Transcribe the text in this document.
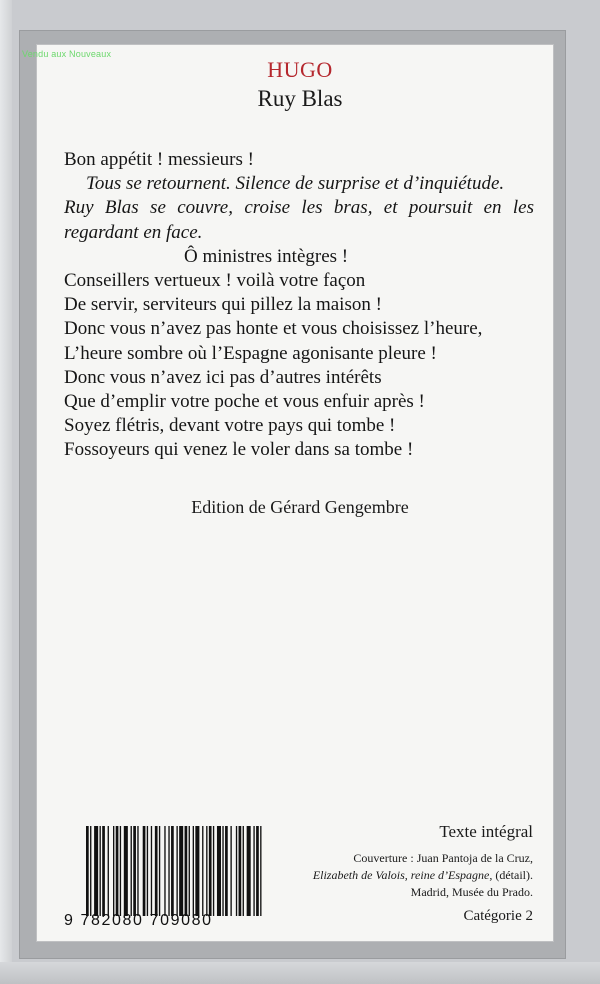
Vendu aux Nouveaux
HUGO
Ruy Blas
Bon appétit ! messieurs !
Tous se retournent. Silence de surprise et d’inquiétude.
Ruy Blas se couvre, croise les bras, et poursuit en les
regardant en face.
Ô ministres intègres !
Conseillers vertueux ! voilà votre façon
De servir, serviteurs qui pillez la maison !
Donc vous n’avez pas honte et vous choisissez l’heure,
L’heure sombre où l’Espagne agonisante pleure !
Donc vous n’avez ici pas d’autres intérêts
Que d’emplir votre poche et vous enfuir après !
Soyez flétris, devant votre pays qui tombe !
Fossoyeurs qui venez le voler dans sa tombe !
Edition de Gérard Gengembre
9 782080 709080
Texte intégral
Couverture : Juan Pantoja de la Cruz,
Elizabeth de Valois, reine d’Espagne, (détail).
Madrid, Musée du Prado.
Catégorie 2
